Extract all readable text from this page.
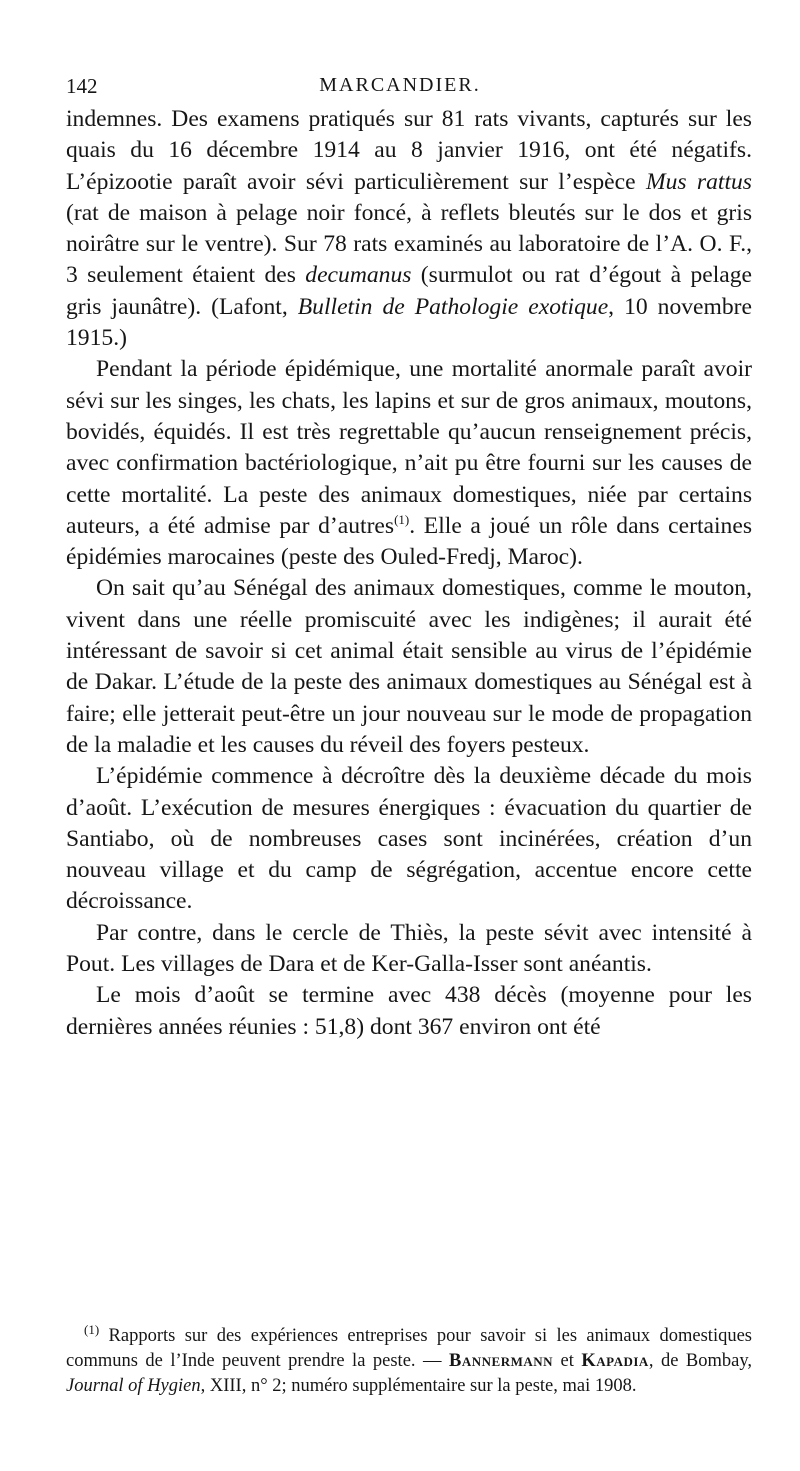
142	MARCANDIER.

indemnes. Des examens pratiqués sur 81 rats vivants, capturés sur les quais du 16 décembre 1914 au 8 janvier 1916, ont été négatifs. L’épizootie paraît avoir sévi particulièrement sur l’espèce Mus rattus (rat de maison à pelage noir foncé, à reflets bleutés sur le dos et gris noirâtre sur le ventre). Sur 78 rats examinés au laboratoire de l’A. O. F., 3 seulement étaient des decumanus (surmulot ou rat d’égout à pelage gris jaunâtre). (Lafont, Bulletin de Pathologie exotique, 10 novembre 1915.)

Pendant la période épidémique, une mortalité anormale paraît avoir sévi sur les singes, les chats, les lapins et sur de gros animaux, moutons, bovidés, équidés. Il est très regrettable qu’aucun renseignement précis, avec confirmation bactériologique, n’ait pu être fourni sur les causes de cette mortalité. La peste des animaux domestiques, niée par certains auteurs, a été admise par d’autres$^{(1)}$. Elle a joué un rôle dans certaines épidémies marocaines (peste des Ouled-Fredj, Maroc).

On sait qu’au Sénégal des animaux domestiques, comme le mouton, vivent dans une réelle promiscuité avec les indigènes; il aurait été intéressant de savoir si cet animal était sensible au virus de l’épidémie de Dakar. L’étude de la peste des animaux domestiques au Sénégal est à faire; elle jetterait peut-être un jour nouveau sur le mode de propagation de la maladie et les causes du réveil des foyers pesteux.

L’épidémie commence à décroître dès la deuxième décade du mois d’août. L’exécution de mesures énergiques : évacuation du quartier de Santiabo, où de nombreuses cases sont incinérées, création d’un nouveau village et du camp de ségrégation, accentue encore cette décroissance.

Par contre, dans le cercle de Thiès, la peste sévit avec intensité à Pout. Les villages de Dara et de Ker-Galla-Isser sont anéantis.

Le mois d’août se termine avec 438 décès (moyenne pour les dernières années réunies : 51,8) dont 367 environ ont été

$^{(1)}$ Rapports sur des expériences entreprises pour savoir si les animaux domestiques communs de l’Inde peuvent prendre la peste. — Bannermann et Kapadia, de Bombay, Journal of Hygien, XIII, n° 2; numéro supplémentaire sur la peste, mai 1908.
